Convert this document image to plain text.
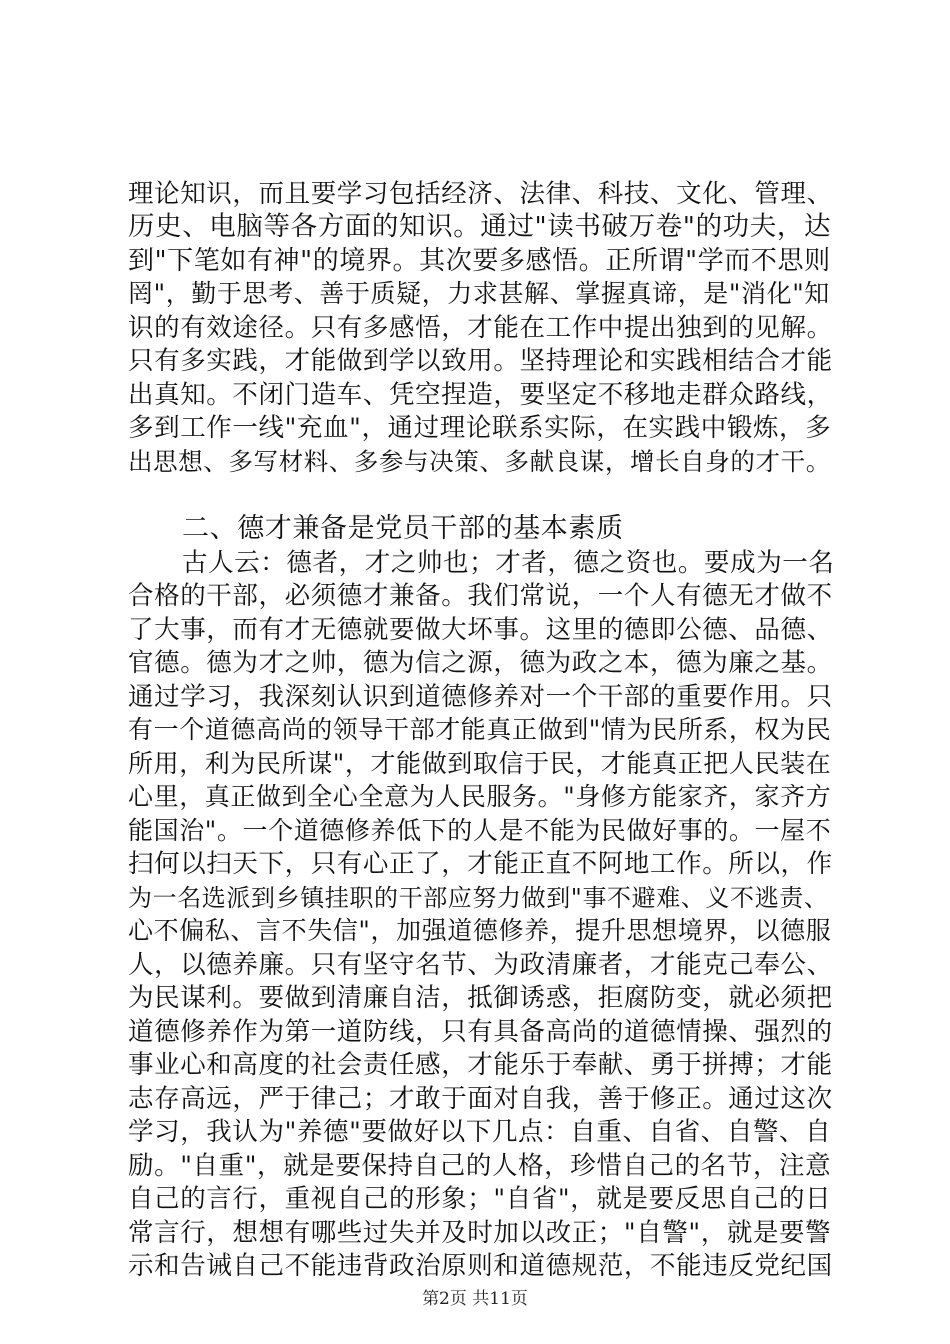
理论知识，而且要学习包括经济、法律、科技、文化、管理、
历史、电脑等各方面的知识。通过"读书破万卷"的功夫，达
到"下笔如有神"的境界。其次要多感悟。正所谓"学而不思则
罔"，勤于思考、善于质疑，力求甚解、掌握真谛，是"消化"知
识的有效途径。只有多感悟，才能在工作中提出独到的见解。
只有多实践，才能做到学以致用。坚持理论和实践相结合才能
出真知。不闭门造车、凭空捏造，要坚定不移地走群众路线，
多到工作一线"充血"，通过理论联系实际，在实践中锻炼，多
出思想、多写材料、多参与决策、多献良谋，增长自身的才干。
二、德才兼备是党员干部的基本素质
古人云：德者，才之帅也；才者，德之资也。要成为一名
合格的干部，必须德才兼备。我们常说，一个人有德无才做不
了大事，而有才无德就要做大坏事。这里的德即公德、品德、
官德。德为才之帅，德为信之源，德为政之本，德为廉之基。
通过学习，我深刻认识到道德修养对一个干部的重要作用。只
有一个道德高尚的领导干部才能真正做到"情为民所系，权为民
所用，利为民所谋"，才能做到取信于民，才能真正把人民装在
心里，真正做到全心全意为人民服务。"身修方能家齐，家齐方
能国治"。一个道德修养低下的人是不能为民做好事的。一屋不
扫何以扫天下，只有心正了，才能正直不阿地工作。所以，作
为一名选派到乡镇挂职的干部应努力做到"事不避难、义不逃责、
心不偏私、言不失信"，加强道德修养，提升思想境界，以德服
人，以德养廉。只有坚守名节、为政清廉者，才能克己奉公、
为民谋利。要做到清廉自洁，抵御诱惑，拒腐防变，就必须把
道德修养作为第一道防线，只有具备高尚的道德情操、强烈的
事业心和高度的社会责任感，才能乐于奉献、勇于拼搏；才能
志存高远，严于律己；才敢于面对自我，善于修正。通过这次
学习，我认为"养德"要做好以下几点：自重、自省、自警、自
励。"自重"，就是要保持自己的人格，珍惜自己的名节，注意
自己的言行，重视自己的形象；"自省"，就是要反思自己的日
常言行，想想有哪些过失并及时加以改正；"自警"，就是要警
示和告诫自己不能违背政治原则和道德规范，不能违反党纪国
第2页 共11页
